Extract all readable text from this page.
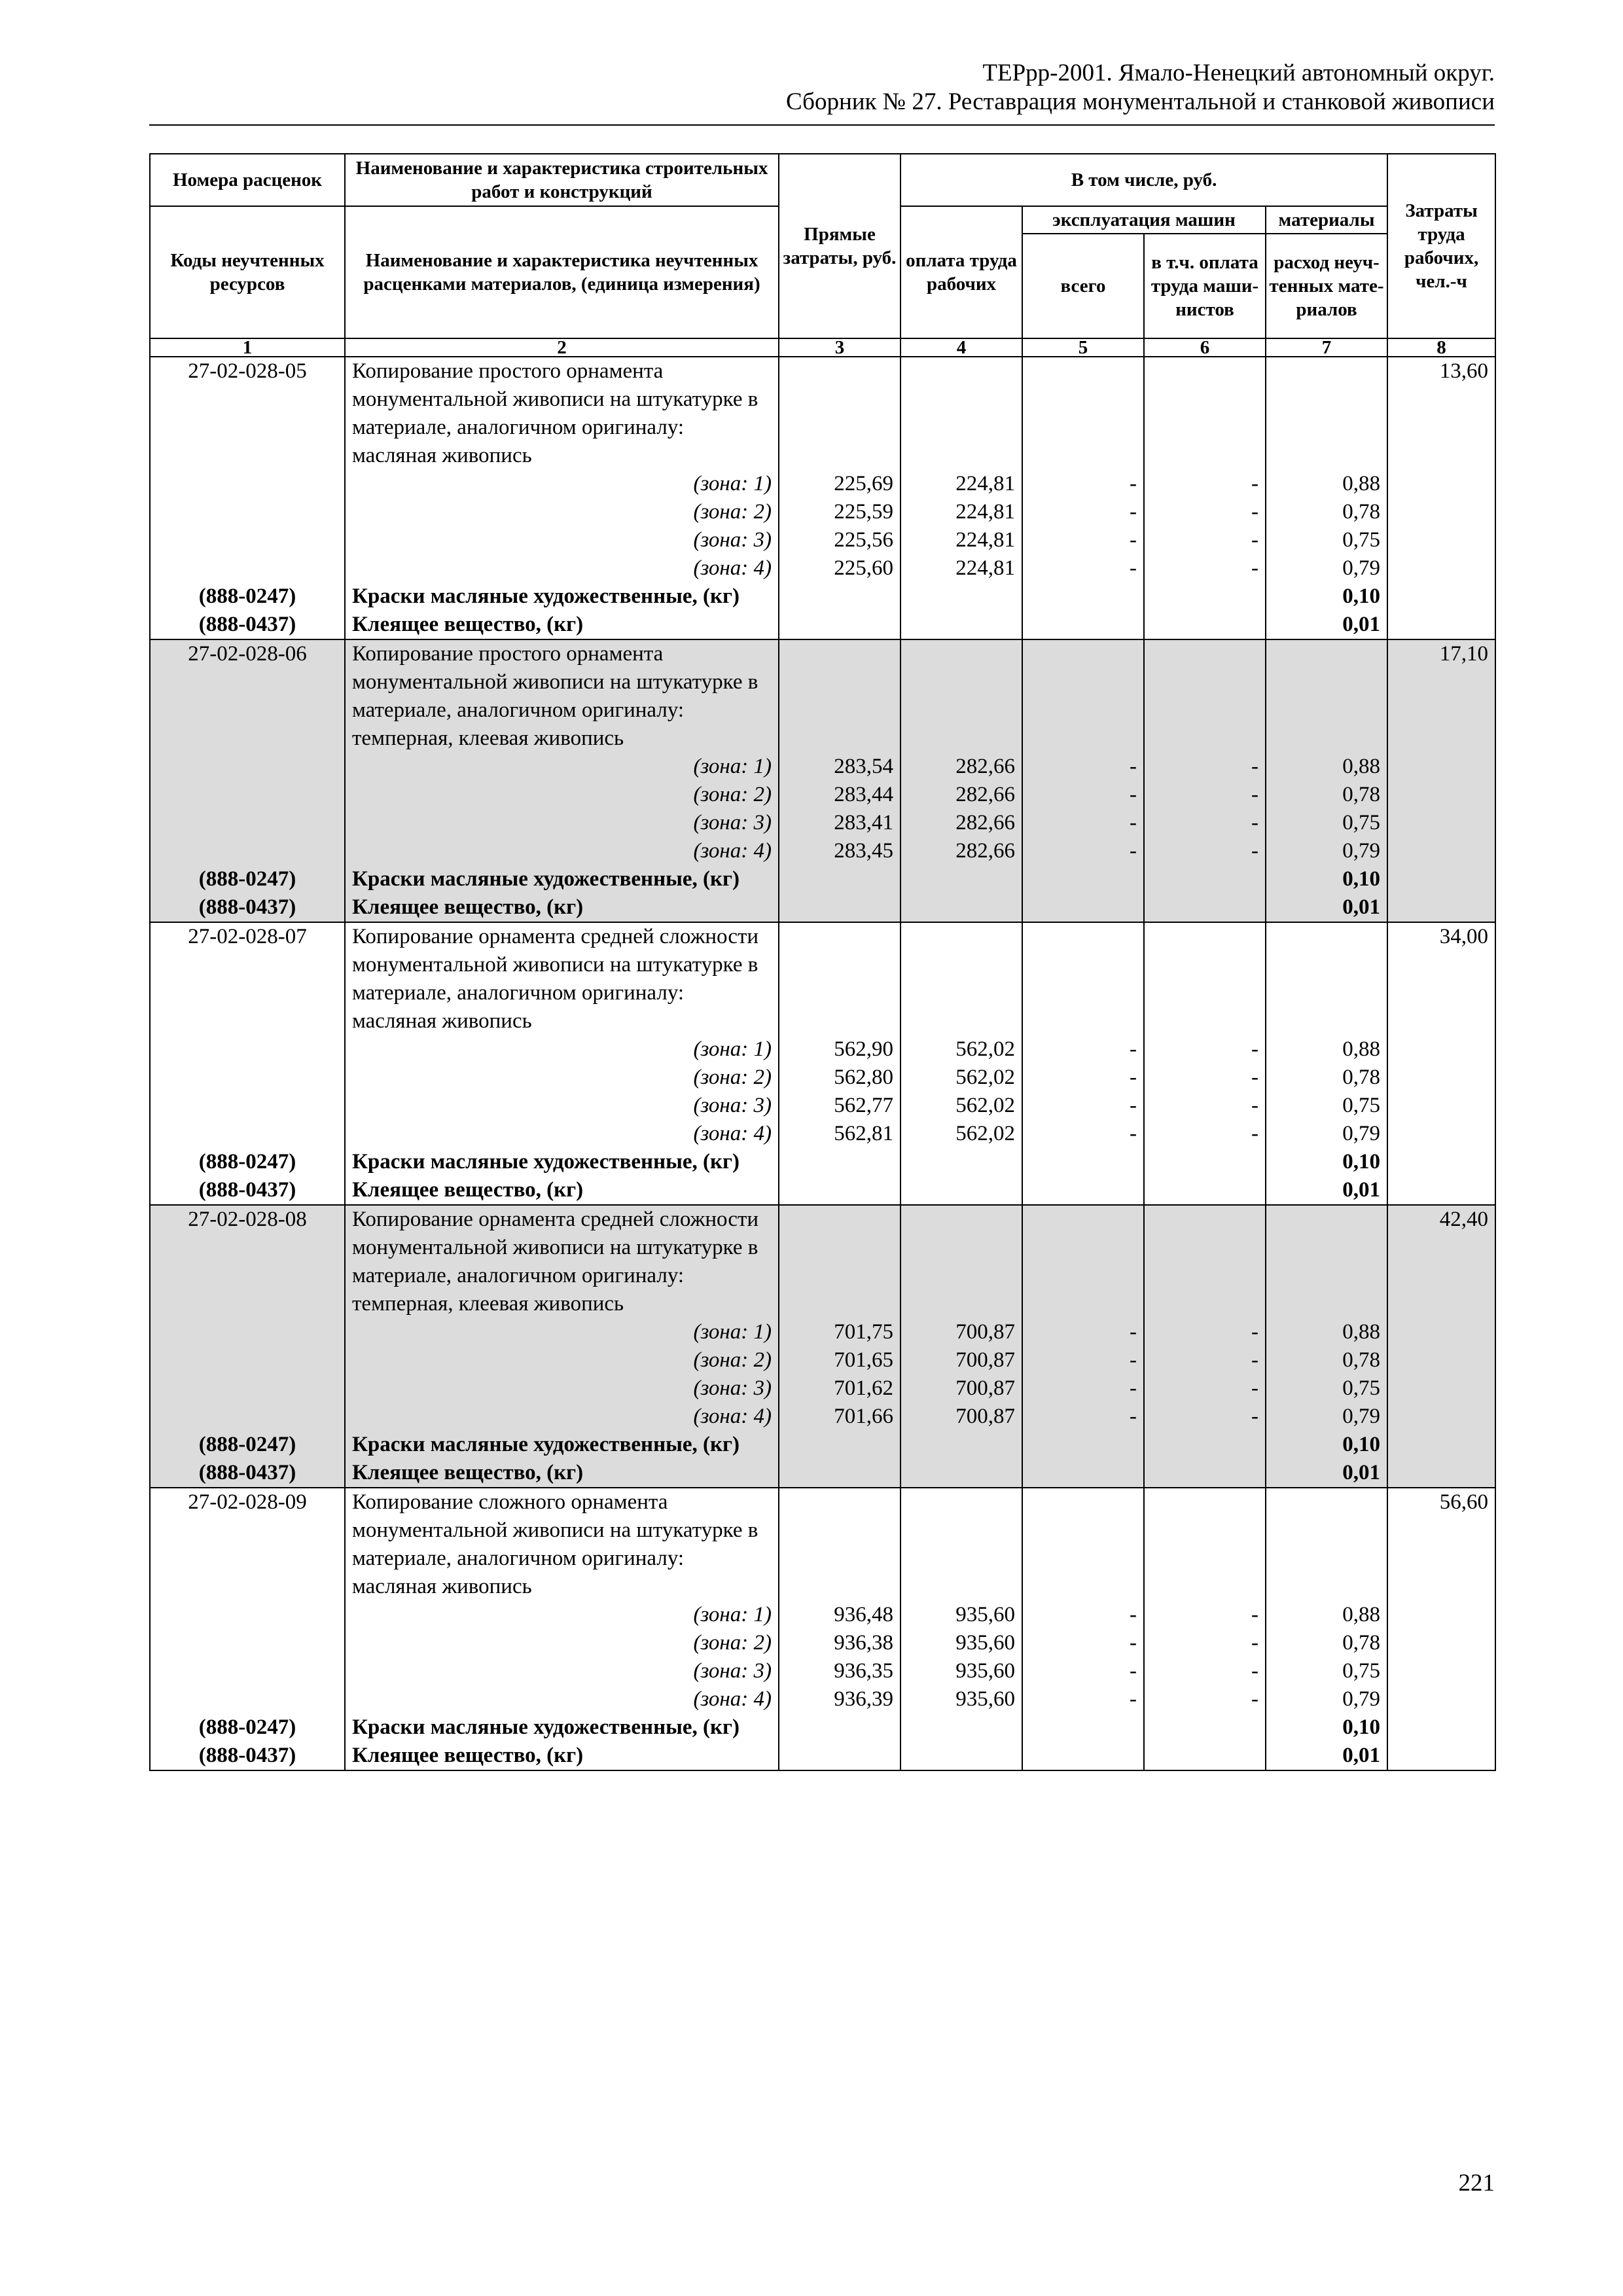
ТЕРрр-2001. Ямало-Ненецкий автономный округ.
Сборник № 27. Реставрация монументальной и станковой живописи
Номера расценок	Наименование и характеристика строительных работ и конструкций	Прямые затраты, руб.	В том числе, руб.				Затраты труда рабочих, чел.-ч
Коды неучтенных ресурсов	Наименование и характеристика неучтенных расценками материалов, (единица измерения)		оплата труда рабочих	эксплуатация машин		материалы	
				всего	в т.ч. оплата труда маши-нистов	расход неуч-тенных мате-риалов	

1	2	3	4	5	6	7	8
27-02-028-05	Копирование простого орнамента монументальной живописи на штукатурке в материале, аналогичном оригиналу: масляная живопись						13,60
	(зона: 1)	225,69	224,81	-	-	0,88	
	(зона: 2)	225,59	224,81	-	-	0,78	
	(зона: 3)	225,56	224,81	-	-	0,75	
	(зона: 4)	225,60	224,81	-	-	0,79	
(888-0247)	Краски масляные художественные, (кг)					0,10	
(888-0437)	Клеящее вещество, (кг)					0,01	
27-02-028-06	Копирование простого орнамента монументальной живописи на штукатурке в материале, аналогичном оригиналу: темперная, клеевая живопись						17,10
	(зона: 1)	283,54	282,66	-	-	0,88	
	(зона: 2)	283,44	282,66	-	-	0,78	
	(зона: 3)	283,41	282,66	-	-	0,75	
	(зона: 4)	283,45	282,66	-	-	0,79	
(888-0247)	Краски масляные художественные, (кг)					0,10	
(888-0437)	Клеящее вещество, (кг)					0,01	
27-02-028-07	Копирование орнамента средней сложности монументальной живописи на штукатурке в материале, аналогичном оригиналу: масляная живопись						34,00
	(зона: 1)	562,90	562,02	-	-	0,88	
	(зона: 2)	562,80	562,02	-	-	0,78	
	(зона: 3)	562,77	562,02	-	-	0,75	
	(зона: 4)	562,81	562,02	-	-	0,79	
(888-0247)	Краски масляные художественные, (кг)					0,10	
(888-0437)	Клеящее вещество, (кг)					0,01	
27-02-028-08	Копирование орнамента средней сложности монументальной живописи на штукатурке в материале, аналогичном оригиналу: темперная, клеевая живопись						42,40
	(зона: 1)	701,75	700,87	-	-	0,88	
	(зона: 2)	701,65	700,87	-	-	0,78	
	(зона: 3)	701,62	700,87	-	-	0,75	
	(зона: 4)	701,66	700,87	-	-	0,79	
(888-0247)	Краски масляные художественные, (кг)					0,10	
(888-0437)	Клеящее вещество, (кг)					0,01	
27-02-028-09	Копирование сложного орнамента монументальной живописи на штукатурке в материале, аналогичном оригиналу: масляная живопись						56,60
	(зона: 1)	936,48	935,60	-	-	0,88	
	(зона: 2)	936,38	935,60	-	-	0,78	
	(зона: 3)	936,35	935,60	-	-	0,75	
	(зона: 4)	936,39	935,60	-	-	0,79	
(888-0247)	Краски масляные художественные, (кг)					0,10	
(888-0437)	Клеящее вещество, (кг)					0,01	
221
